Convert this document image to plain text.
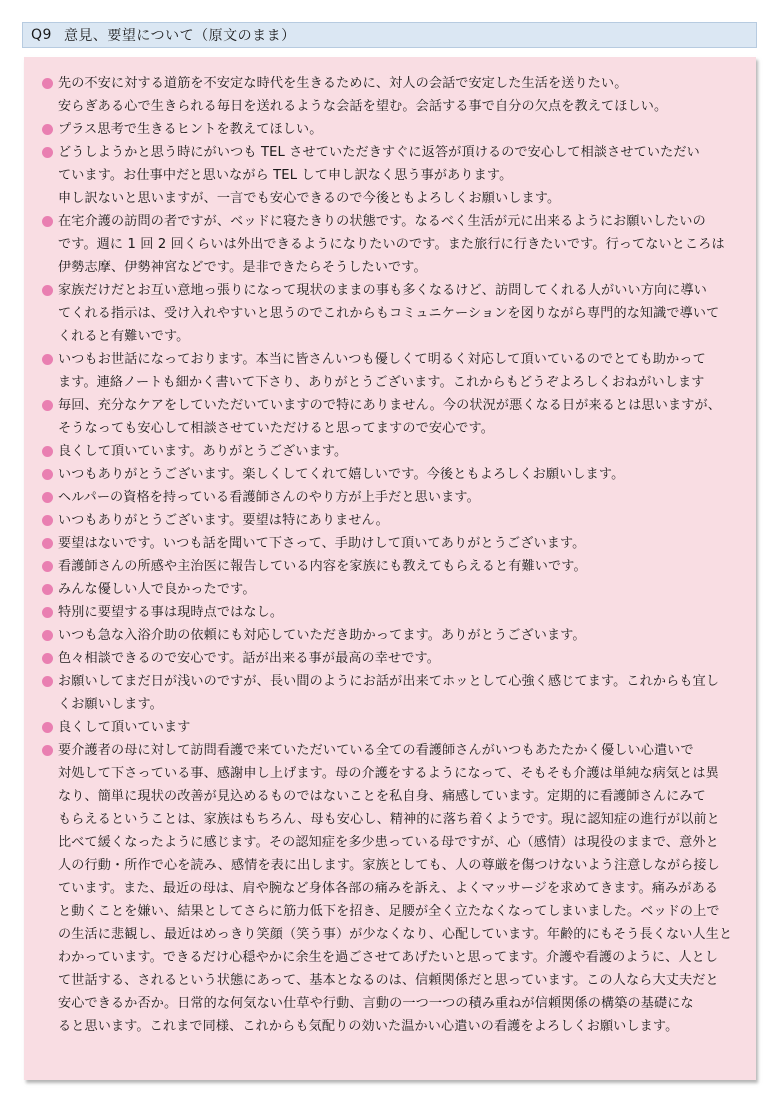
Q9 意見、要望について（原文のまま）
先の不安に対する道筋を不安定な時代を生きるために、対人の会話で安定した生活を送りたい。
安らぎある心で生きられる毎日を送れるような会話を望む。会話する事で自分の欠点を教えてほしい。
プラス思考で生きるヒントを教えてほしい。
どうしようかと思う時にがいつも TEL させていただきすぐに返答が頂けるので安心して相談させていただい
ています。お仕事中だと思いながら TEL して申し訳なく思う事があります。
申し訳ないと思いますが、一言でも安心できるので今後ともよろしくお願いします。
在宅介護の訪問の者ですが、ベッドに寝たきりの状態です。なるべく生活が元に出来るようにお願いしたいの
です。週に 1 回 2 回くらいは外出できるようになりたいのです。また旅行に行きたいです。行ってないところは
伊勢志摩、伊勢神宮などです。是非できたらそうしたいです。
家族だけだとお互い意地っ張りになって現状のままの事も多くなるけど、訪問してくれる人がいい方向に導い
てくれる指示は、受け入れやすいと思うのでこれからもコミュニケーションを図りながら専門的な知識で導いて
くれると有難いです。
いつもお世話になっております。本当に皆さんいつも優しくて明るく対応して頂いているのでとても助かって
ます。連絡ノートも細かく書いて下さり、ありがとうございます。これからもどうぞよろしくおねがいします
毎回、充分なケアをしていただいていますので特にありません。今の状況が悪くなる日が来るとは思いますが、
そうなっても安心して相談させていただけると思ってますので安心です。
良くして頂いています。ありがとうございます。
いつもありがとうございます。楽しくしてくれて嬉しいです。今後ともよろしくお願いします。
ヘルパーの資格を持っている看護師さんのやり方が上手だと思います。
いつもありがとうございます。要望は特にありません。
要望はないです。いつも話を聞いて下さって、手助けして頂いてありがとうございます。
看護師さんの所感や主治医に報告している内容を家族にも教えてもらえると有難いです。
みんな優しい人で良かったです。
特別に要望する事は現時点ではなし。
いつも急な入浴介助の依頼にも対応していただき助かってます。ありがとうございます。
色々相談できるので安心です。話が出来る事が最高の幸せです。
お願いしてまだ日が浅いのですが、長い間のようにお話が出来てホッとして心強く感じてます。これからも宜し
くお願いします。
良くして頂いています
要介護者の母に対して訪問看護で来ていただいている全ての看護師さんがいつもあたたかく優しい心遣いで
対処して下さっている事、感謝申し上げます。母の介護をするようになって、そもそも介護は単純な病気とは異
なり、簡単に現状の改善が見込めるものではないことを私自身、痛感しています。定期的に看護師さんにみて
もらえるということは、家族はもちろん、母も安心し、精神的に落ち着くようです。現に認知症の進行が以前と
比べて緩くなったように感じます。その認知症を多少患っている母ですが、心（感情）は現役のままで、意外と
人の行動・所作で心を読み、感情を表に出します。家族としても、人の尊厳を傷つけないよう注意しながら接し
ています。また、最近の母は、肩や腕など身体各部の痛みを訴え、よくマッサージを求めてきます。痛みがある
と動くことを嫌い、結果としてさらに筋力低下を招き、足腰が全く立たなくなってしまいました。ベッドの上で
の生活に悲観し、最近はめっきり笑顔（笑う事）が少なくなり、心配しています。年齢的にもそう長くない人生と
わかっています。できるだけ心穏やかに余生を過ごさせてあげたいと思ってます。介護や看護のように、人とし
て世話する、されるという状態にあって、基本となるのは、信頼関係だと思っています。この人なら大丈夫だと
安心できるか否か。日常的な何気ない仕草や行動、言動の一つ一つの積み重ねが信頼関係の構築の基礎にな
ると思います。これまで同様、これからも気配りの効いた温かい心遣いの看護をよろしくお願いします。
